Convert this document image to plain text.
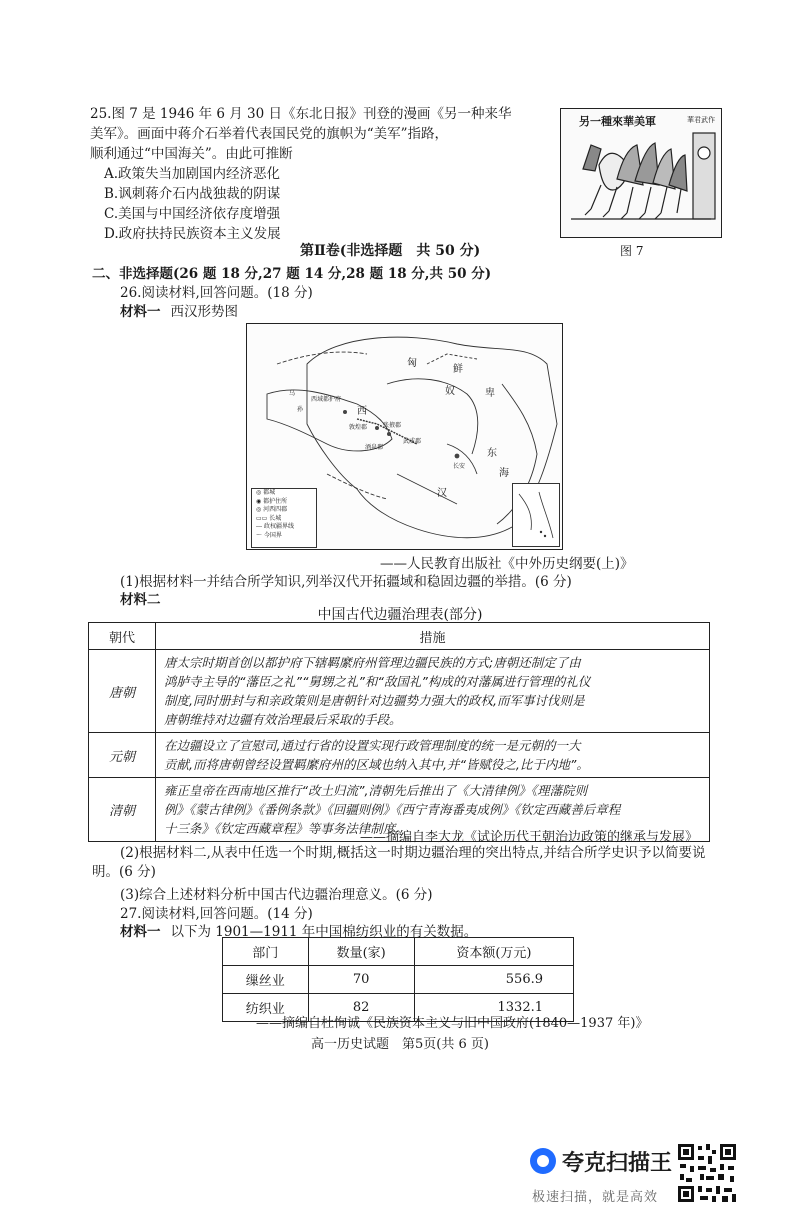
25.图 7 是 1946 年 6 月 30 日《东北日报》刊登的漫画《另一种来华
美军》。画面中蒋介石举着代表国民党的旗帜为“美军”指路，
顺利通过“中国海关”。由此可推断
A.政策失当加剧国内经济恶化
B.讽刺蒋介石内战独裁的阴谋
C.美国与中国经济依存度增强
D.政府扶持民族资本主义发展
另一種來華美軍	華君武作
图 7
第Ⅱ卷(非选择题　共 50 分)
二、非选择题(26 题 18 分,27 题 14 分,28 题 18 分,共 50 分)
26.阅读材料,回答问题。(18 分)
材料一 西汉形势图
匈
奴
西
鲜
卑
汉
东
海
西域都护府
敦煌郡	张掖郡
武威郡
酒泉郡
长安
乌
孙
◎ 都城
◉ 都护住所
◎ 河西四郡
▭▭ 长城
--- 政权疆界线
～ 今国界
——人民教育出版社《中外历史纲要(上)》
(1)根据材料一并结合所学知识,列举汉代开拓疆域和稳固边疆的举措。(6 分)
材料二
中国古代边疆治理表(部分)
朝代	措施
唐朝	唐太宗时期首创以都护府下辖羁縻府州管理边疆民族的方式;唐朝还制定了由
鸿胪寺主导的“藩臣之礼”“舅甥之礼”和“敌国礼”构成的对藩属进行管理的礼仪
制度,同时册封与和亲政策则是唐朝针对边疆势力强大的政权,而军事讨伐则是
唐朝维持对边疆有效治理最后采取的手段。

元朝	在边疆设立了宣慰司,通过行省的设置实现行政管理制度的统一是元朝的一大
贡献,而将唐朝曾经设置羁縻府州的区域也纳入其中,并“皆赋役之,比于内地”。

清朝	雍正皇帝在西南地区推行“改土归流”,清朝先后推出了《大清律例》《理藩院则
例》《蒙古律例》《番例条款》《回疆则例》《西宁青海番夷成例》《钦定西藏善后章程
十三条》《钦定西藏章程》等事务法律制度。
——摘编自李大龙《试论历代王朝治边政策的继承与发展》
(2)根据材料二,从表中任选一个时期,概括这一时期边疆治理的突出特点,并结合所学史识予以简要说明。(6 分)
(3)综合上述材料分析中国古代边疆治理意义。(6 分)
27.阅读材料,回答问题。(14 分)
材料一 以下为 1901—1911 年中国棉纺织业的有关数据。
部门	数量(家)	资本额(万元)
缫丝业	70	556.9
纺织业	82	1332.1
——摘编自杜恂诚《民族资本主义与旧中国政府(1840—1937 年)》
高一历史试题　第5页(共 6 页)
夸克扫描王
极速扫描，就是高效
